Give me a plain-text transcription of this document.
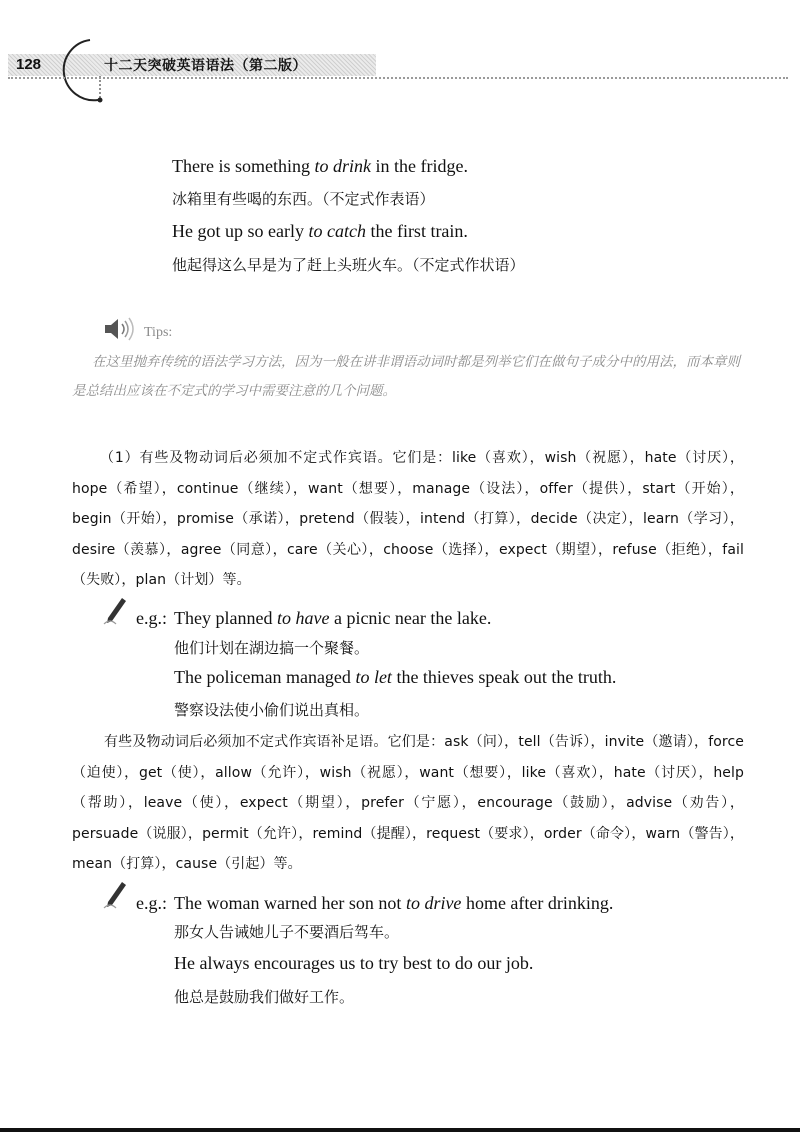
128	十二天突破英语语法（第二版）
There is something to drink in the fridge.
冰箱里有些喝的东西。（不定式作表语）
He got up so early to catch the first train.
他起得这么早是为了赶上头班火车。（不定式作状语）
Tips:
在这里抛弃传统的语法学习方法，因为一般在讲非谓语动词时都是列举它们在做句子成分中的用法，而本章则是总结出应该在不定式的学习中需要注意的几个问题。
（1）有些及物动词后必须加不定式作宾语。它们是：like（喜欢），wish（祝愿），hate（讨厌），hope（希望），continue（继续），want（想要），manage（设法），offer（提供），start（开始），begin（开始），promise（承诺），pretend（假装），intend（打算），decide（决定），learn（学习），desire（羡慕），agree（同意），care（关心），choose（选择），expect（期望），refuse（拒绝），fail（失败），plan（计划）等。
e.g.: They planned to have a picnic near the lake.
他们计划在湖边搞一个聚餐。
The policeman managed to let the thieves speak out the truth.
警察设法使小偷们说出真相。
有些及物动词后必须加不定式作宾语补足语。它们是：ask（问），tell（告诉），invite（邀请），force（迫使），get（使），allow（允许），wish（祝愿），want（想要），like（喜欢），hate（讨厌），help（帮助），leave（使），expect（期望），prefer（宁愿），encourage（鼓励），advise（劝告），persuade（说服），permit（允许），remind（提醒），request（要求），order（命令），warn（警告），mean（打算），cause（引起）等。
e.g.: The woman warned her son not to drive home after drinking.
那女人告诫她儿子不要酒后驾车。
He always encourages us to try best to do our job.
他总是鼓励我们做好工作。
